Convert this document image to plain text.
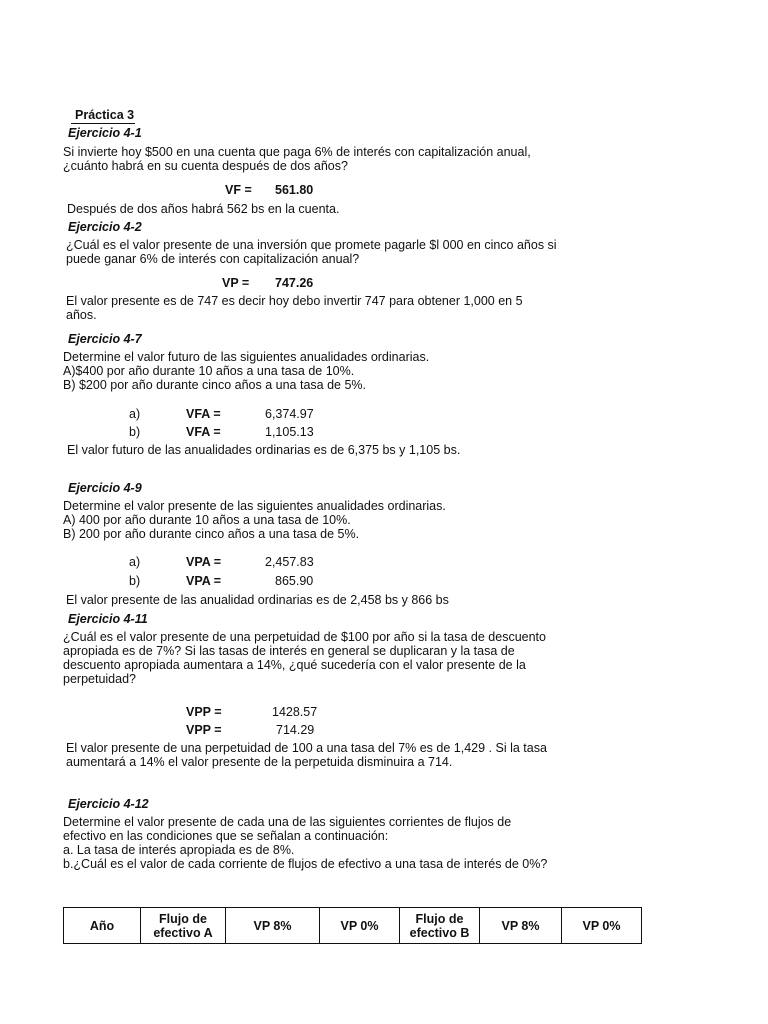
Práctica 3
Ejercicio 4-1
Si invierte hoy $500 en una cuenta que paga 6% de interés con capitalización anual,
¿cuánto habrá en su cuenta después de dos años?
VF = 561.80
Después de dos años habrá 562 bs en la cuenta.
Ejercicio 4-2
¿Cuál es el valor presente de una inversión que promete pagarle $l 000 en cinco años si
puede ganar 6% de interés con capitalización anual?
VP = 747.26
El valor presente es de 747 es decir hoy debo invertir 747 para obtener 1,000 en 5
años.
Ejercicio 4-7
Determine el valor futuro de las siguientes anualidades ordinarias.
A)$400 por año durante 10 años a una tasa de 10%.
B) $200 por año durante cinco años a una tasa de 5%.
a)	VFA =	6,374.97
b)	VFA =	1,105.13
El valor futuro de las anualidades ordinarias es de 6,375 bs y 1,105 bs.
Ejercicio 4-9
Determine el valor presente de las siguientes anualidades ordinarias.
A) 400 por año durante 10 años a una tasa de 10%.
B) 200 por año durante cinco años a una tasa de 5%.
a)	VPA =	2,457.83
b)	VPA =	865.90
El valor presente de las anualidad ordinarias es de 2,458 bs y 866 bs
Ejercicio 4-11
¿Cuál es el valor presente de una perpetuidad de $100 por año si la tasa de descuento
apropiada es de 7%? Si las tasas de interés en general se duplicaran y la tasa de
descuento apropiada aumentara a 14%, ¿qué sucedería con el valor presente de la
perpetuidad?
VPP =	1428.57
VPP =	714.29
El valor presente de una perpetuidad de 100 a una tasa del 7% es de 1,429 . Si la tasa
aumentará a 14% el valor presente de la perpetuida disminuira a 714.
Ejercicio 4-12
Determine el valor presente de cada una de las siguientes corrientes de flujos de
efectivo en las condiciones que se señalan a continuación:
a. La tasa de interés apropiada es de 8%.
b.¿Cuál es el valor de cada corriente de flujos de efectivo a una tasa de interés de 0%?
Año	Flujo de efectivo A	VP 8%	VP 0%	Flujo de efectivo B	VP 8%	VP 0%
